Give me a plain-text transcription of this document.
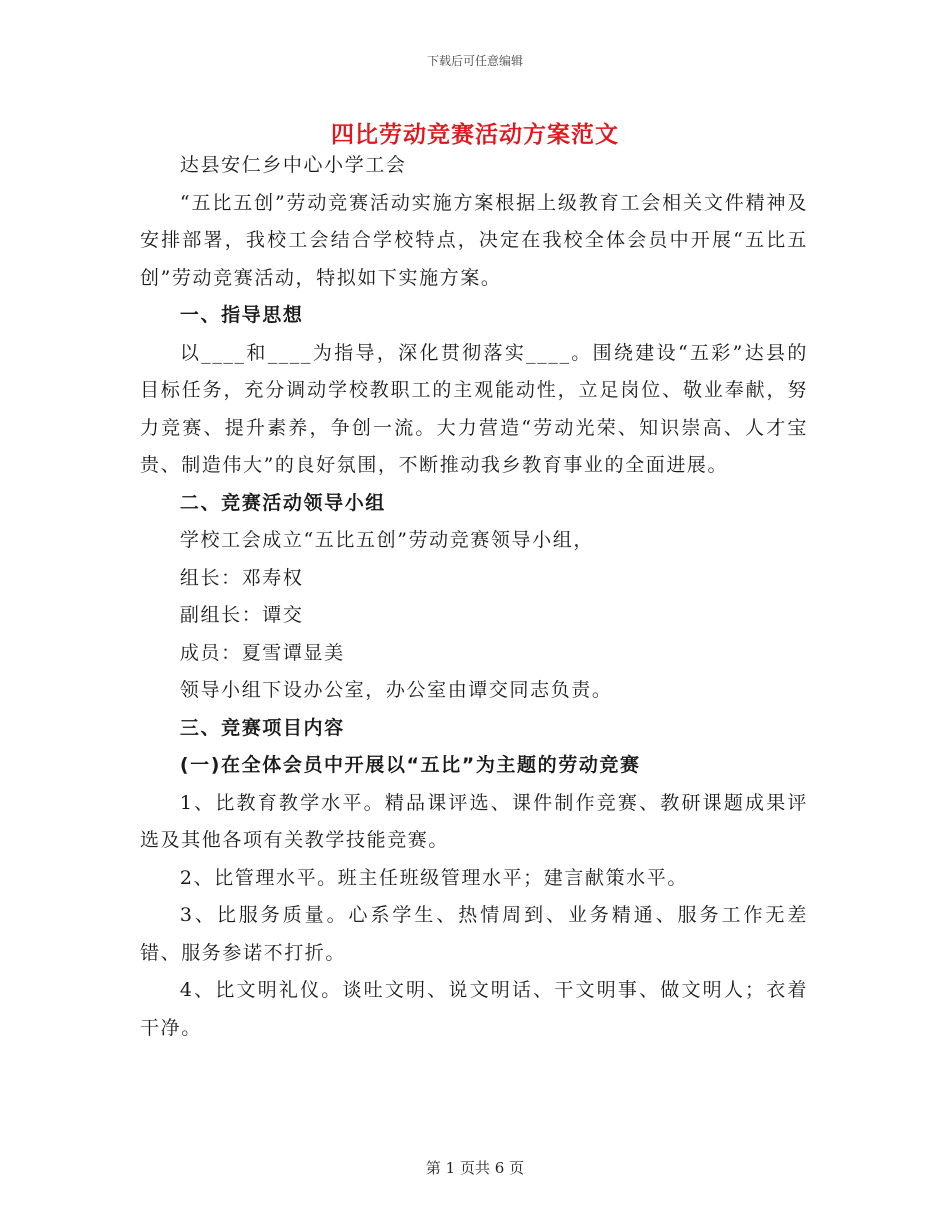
下载后可任意编辑
四比劳动竞赛活动方案范文

达县安仁乡中心小学工会

“五比五创”劳动竞赛活动实施方案根据上级教育工会相关文件精神及安排部署，我校工会结合学校特点，决定在我校全体会员中开展“五比五创”劳动竞赛活动，特拟如下实施方案。

一、指导思想

以____和____为指导，深化贯彻落实____。围绕建设“五彩”达县的目标任务，充分调动学校教职工的主观能动性，立足岗位、敬业奉献，努力竞赛、提升素养，争创一流。大力营造“劳动光荣、知识崇高、人才宝贵、制造伟大”的良好氛围，不断推动我乡教育事业的全面进展。

二、竞赛活动领导小组

学校工会成立“五比五创”劳动竞赛领导小组，

组长：邓寿权

副组长：谭交

成员：夏雪谭显美

领导小组下设办公室，办公室由谭交同志负责。

三、竞赛项目内容

(一)在全体会员中开展以“五比”为主题的劳动竞赛

1、比教育教学水平。精品课评选、课件制作竞赛、教研课题成果评选及其他各项有关教学技能竞赛。

2、比管理水平。班主任班级管理水平；建言献策水平。

3、比服务质量。心系学生、热情周到、业务精通、服务工作无差错、服务参诺不打折。

4、比文明礼仪。谈吐文明、说文明话、干文明事、做文明人；衣着干净。

第 1 页共 6 页
